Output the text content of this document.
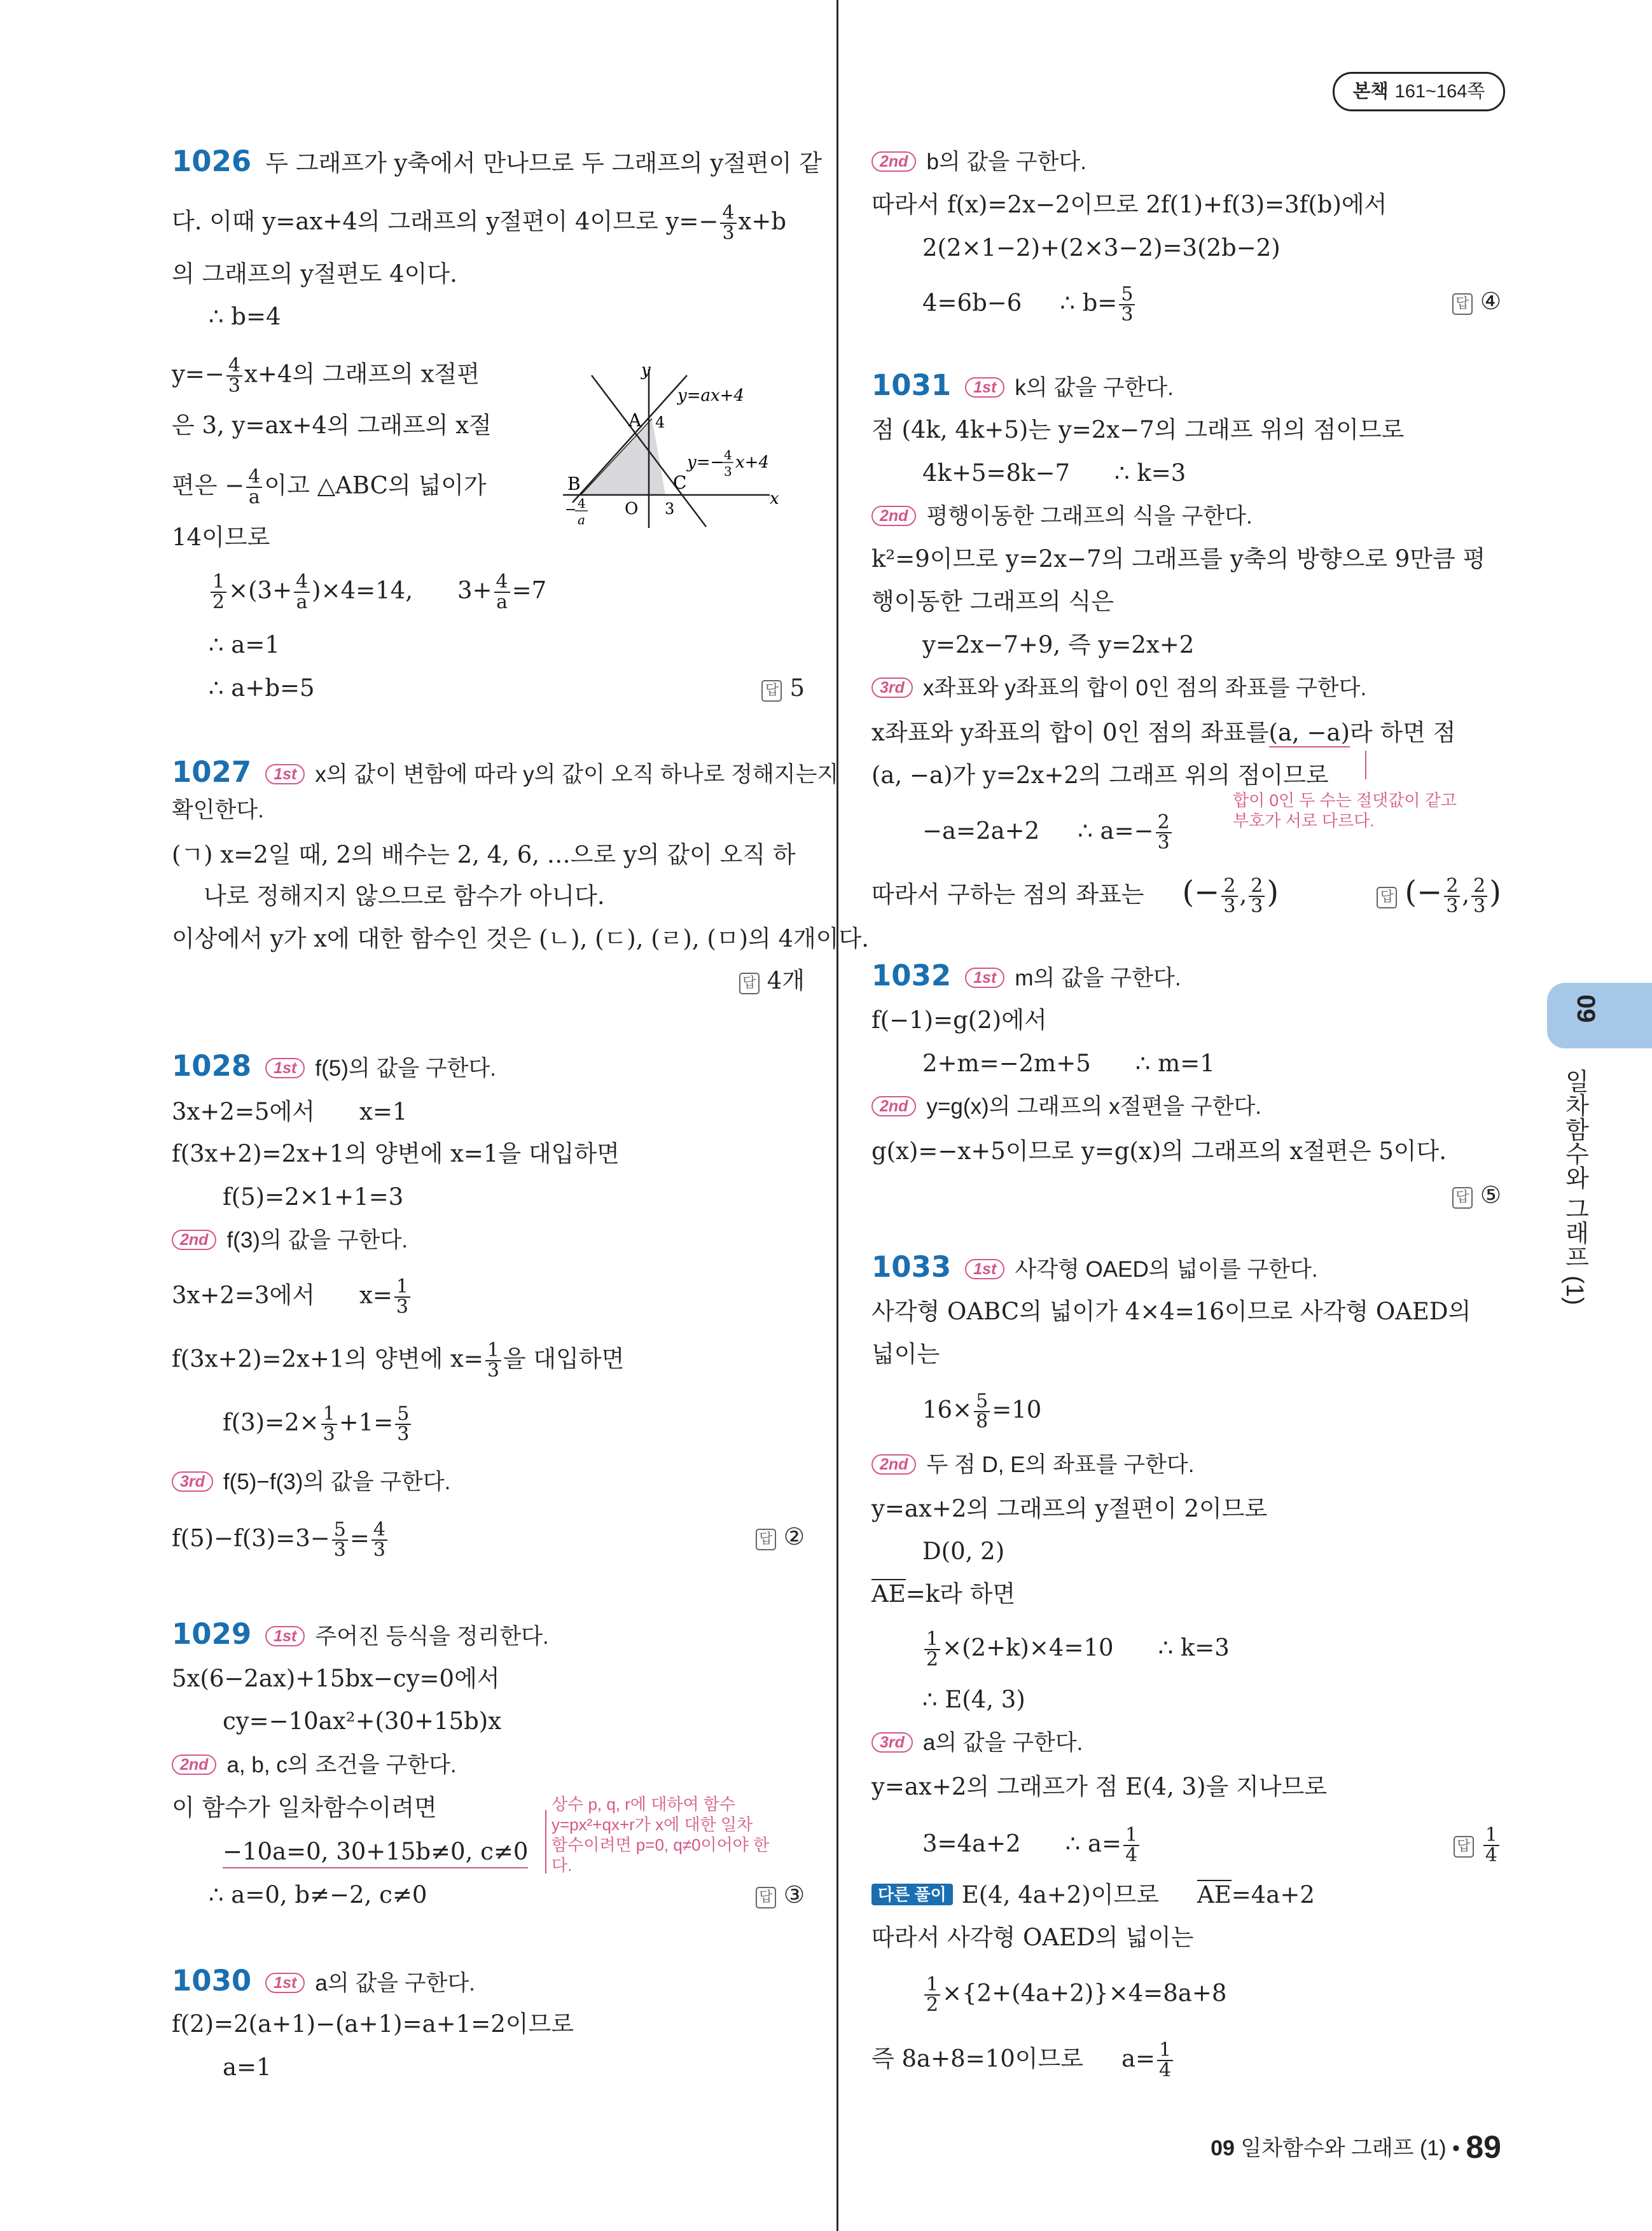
본책 161~164쪽
09
일차함수와 그래프 (1)
1026 두 그래프가 y축에서 만나므로 두 그래프의 y절편이 같
다. 이때 y=ax+4의 그래프의 y절편이 4이므로 $y=- \frac{4}{3} x+b$
의 그래프의 y절편도 4이다.
∴ b=4
$y=- \frac{4}{3} x+4$의 그래프의 x절편
은 3, y=ax+4의 그래프의 x절
편은 − $\frac{4}{a}$ 이고 △ABC의 넓이가
14이므로
$\frac{1}{2} \times(3+ \frac{4}{a} )\times 4=14$, $3+ \frac{4}{a} =7$
∴ a=1
∴ a+b=5	답 5
y
x
A 4
B	C
O 3
− 4
a
y=ax+4
y=− 4
3 x+4
1027 1st x의 값이 변함에 따라 y의 값이 오직 하나로 정해지는지
확인한다.
(ㄱ) x=2일 때, 2의 배수는 2, 4, 6, …으로 y의 값이 오직 하
나로 정해지지 않으므로 함수가 아니다.
이상에서 y가 x에 대한 함수인 것은 (ㄴ), (ㄷ), (ㄹ), (ㅁ)의 4개이다.
답 4개
1028 1st f(5)의 값을 구한다.
3x+2=5에서 x=1
f(3x+2)=2x+1의 양변에 x=1을 대입하면
f(5)=2×1+1=3
2nd f(3)의 값을 구한다.
3x+2=3에서 $x= \frac{1}{3}$
f(3x+2)=2x+1의 양변에 $x= \frac{1}{3}$ 을 대입하면
$f(3)=2\times \frac{1}{3} +1= \frac{5}{3}$
3rd f(5)−f(3)의 값을 구한다.
$f(5)-f(3)=3- \frac{5}{3} = \frac{4}{3}$	답 ②
1029 1st 주어진 등식을 정리한다.
5x(6−2ax)+15bx−cy=0에서
cy=−10ax²+(30+15b)x
2nd a, b, c의 조건을 구한다.
이 함수가 일차함수이려면
−10a=0, 30+15b≠0, c≠0
∴ a=0, b≠−2, c≠0	답 ③
상수 p, q, r에 대하여 함수
y=px²+qx+r가 x에 대한 일차
함수이려면 p=0, q≠0이어야 한
다.
1030 1st a의 값을 구한다.
f(2)=2(a+1)−(a+1)=a+1=2이므로
a=1
2nd b의 값을 구한다.
따라서 f(x)=2x−2이므로 2f(1)+f(3)=3f(b)에서
2(2×1−2)+(2×3−2)=3(2b−2)
4=6b−6 ∴ $b= \frac{5}{3}$	답 ④
1031 1st k의 값을 구한다.
점 (4k, 4k+5)는 y=2x−7의 그래프 위의 점이므로
4k+5=8k−7 ∴ k=3
2nd 평행이동한 그래프의 식을 구한다.
k²=9이므로 y=2x−7의 그래프를 y축의 방향으로 9만큼 평
행이동한 그래프의 식은
y=2x−7+9, 즉 y=2x+2
3rd x좌표와 y좌표의 합이 0인 점의 좌표를 구한다.
x좌표와 y좌표의 합이 0인 점의 좌표를(a, −a)라 하면 점
(a, −a)가 y=2x+2의 그래프 위의 점이므로
−a=2a+2 ∴ $a=- \frac{2}{3}$
합이 0인 두 수는 절댓값이 같고
부호가 서로 다르다.
따라서 구하는 점의 좌표는 (− $\frac{2}{3}$ , $\frac{2}{3}$ )	답 (− $\frac{2}{3}$ , $\frac{2}{3}$ )
1032 1st m의 값을 구한다.
f(−1)=g(2)에서
2+m=−2m+5 ∴ m=1
2nd y=g(x)의 그래프의 x절편을 구한다.
g(x)=−x+5이므로 y=g(x)의 그래프의 x절편은 5이다.
답 ⑤
1033 1st 사각형 OAED의 넓이를 구한다.
사각형 OABC의 넓이가 4×4=16이므로 사각형 OAED의
넓이는
$16\times \frac{5}{8} =10$
2nd 두 점 D, E의 좌표를 구한다.
y=ax+2의 그래프의 y절편이 2이므로
D(0, 2)
AE=k라 하면
$\frac{1}{2} \times(2+k)\times 4=10$ ∴ k=3
∴ E(4, 3)
3rd a의 값을 구한다.
y=ax+2의 그래프가 점 E(4, 3)을 지나므로
3=4a+2 ∴ $a= \frac{1}{4}$	답 $\frac{1}{4}$
다른 풀이 E(4, 4a+2)이므로 AE=4a+2
따라서 사각형 OAED의 넓이는
$\frac{1}{2} \times\{2+(4a+2)\}\times 4=8a+8$
즉 8a+8=10이므로 $a= \frac{1}{4}$
09 일차함수와 그래프 (1) • 89
